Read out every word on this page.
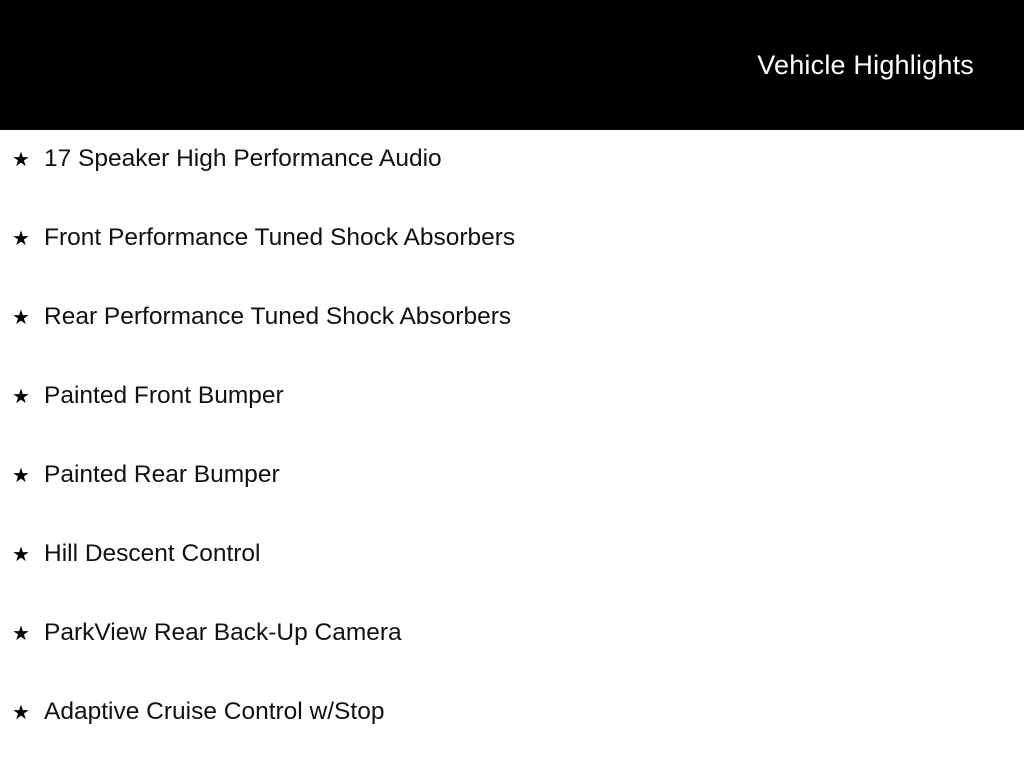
Vehicle Highlights
★ 17 Speaker High Performance Audio
★ Front Performance Tuned Shock Absorbers
★ Rear Performance Tuned Shock Absorbers
★ Painted Front Bumper
★ Painted Rear Bumper
★ Hill Descent Control
★ ParkView Rear Back-Up Camera
★ Adaptive Cruise Control w/Stop
